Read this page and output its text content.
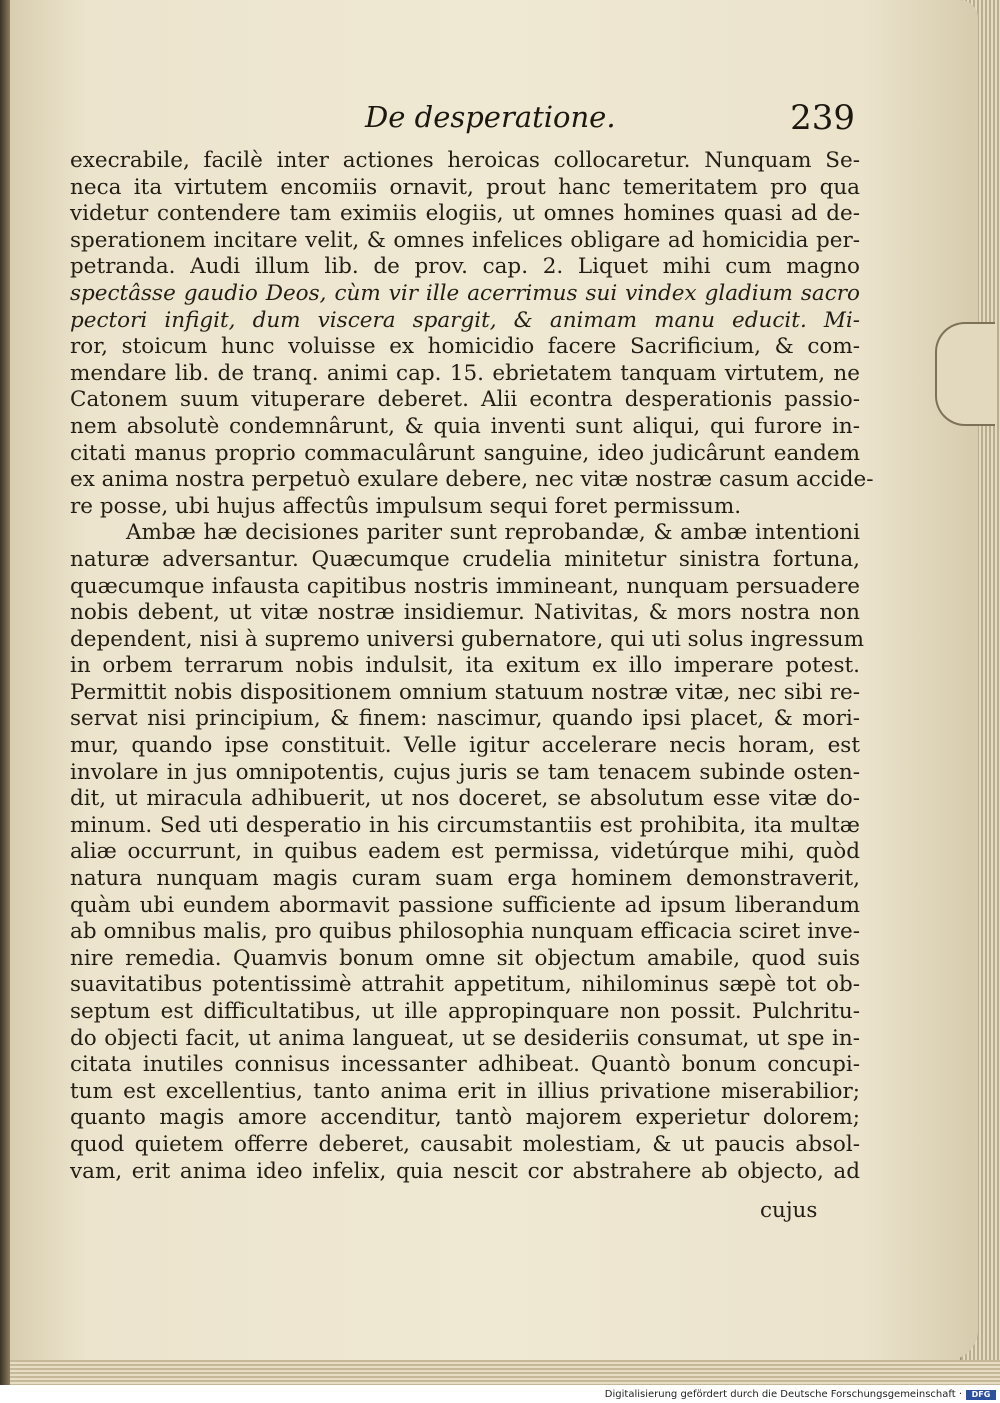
De desperatione.	239
execrabile, facilè inter actiones heroicas collocaretur. Nunquam Se-
neca ita virtutem encomiis ornavit, prout hanc temeritatem pro qua
videtur contendere tam eximiis elogiis, ut omnes homines quasi ad de-
sperationem incitare velit, & omnes infelices obligare ad homicidia per-
petranda. Audi illum lib. de prov. cap. 2. Liquet mihi cum magno
spectâsse gaudio Deos, cùm vir ille acerrimus sui vindex gladium sacro
pectori infigit, dum viscera spargit, & animam manu educit. Mi-
ror, stoicum hunc voluisse ex homicidio facere Sacrificium, & com-
mendare lib. de tranq. animi cap. 15. ebrietatem tanquam virtutem, ne
Catonem suum vituperare deberet. Alii econtra desperationis passio-
nem absolutè condemnârunt, & quia inventi sunt aliqui, qui furore in-
citati manus proprio commaculârunt sanguine, ideo judicârunt eandem
ex anima nostra perpetuò exulare debere, nec vitæ nostræ casum accide-
re posse, ubi hujus affectûs impulsum sequi foret permissum.
Ambæ hæ decisiones pariter sunt reprobandæ, & ambæ intentioni
naturæ adversantur. Quæcumque crudelia minitetur sinistra fortuna,
quæcumque infausta capitibus nostris immineant, nunquam persuadere
nobis debent, ut vitæ nostræ insidiemur. Nativitas, & mors nostra non
dependent, nisi à supremo universi gubernatore, qui uti solus ingressum
in orbem terrarum nobis indulsit, ita exitum ex illo imperare potest.
Permittit nobis dispositionem omnium statuum nostræ vitæ, nec sibi re-
servat nisi principium, & finem: nascimur, quando ipsi placet, & mori-
mur, quando ipse constituit. Velle igitur accelerare necis horam, est
involare in jus omnipotentis, cujus juris se tam tenacem subinde osten-
dit, ut miracula adhibuerit, ut nos doceret, se absolutum esse vitæ do-
minum. Sed uti desperatio in his circumstantiis est prohibita, ita multæ
aliæ occurrunt, in quibus eadem est permissa, videtúrque mihi, quòd
natura nunquam magis curam suam erga hominem demonstraverit,
quàm ubi eundem abormavit passione sufficiente ad ipsum liberandum
ab omnibus malis, pro quibus philosophia nunquam efficacia sciret inve-
nire remedia. Quamvis bonum omne sit objectum amabile, quod suis
suavitatibus potentissimè attrahit appetitum, nihilominus sæpè tot ob-
septum est difficultatibus, ut ille appropinquare non possit. Pulchritu-
do objecti facit, ut anima langueat, ut se desideriis consumat, ut spe in-
citata inutiles connisus incessanter adhibeat. Quantò bonum concupi-
tum est excellentius, tanto anima erit in illius privatione miserabilior;
quanto magis amore accenditur, tantò majorem experietur dolorem;
quod quietem offerre deberet, causabit molestiam, & ut paucis absol-
vam, erit anima ideo infelix, quia nescit cor abstrahere ab objecto, ad
cujus
Digitalisierung gefördert durch die Deutsche Forschungsgemeinschaft ·	DFG
